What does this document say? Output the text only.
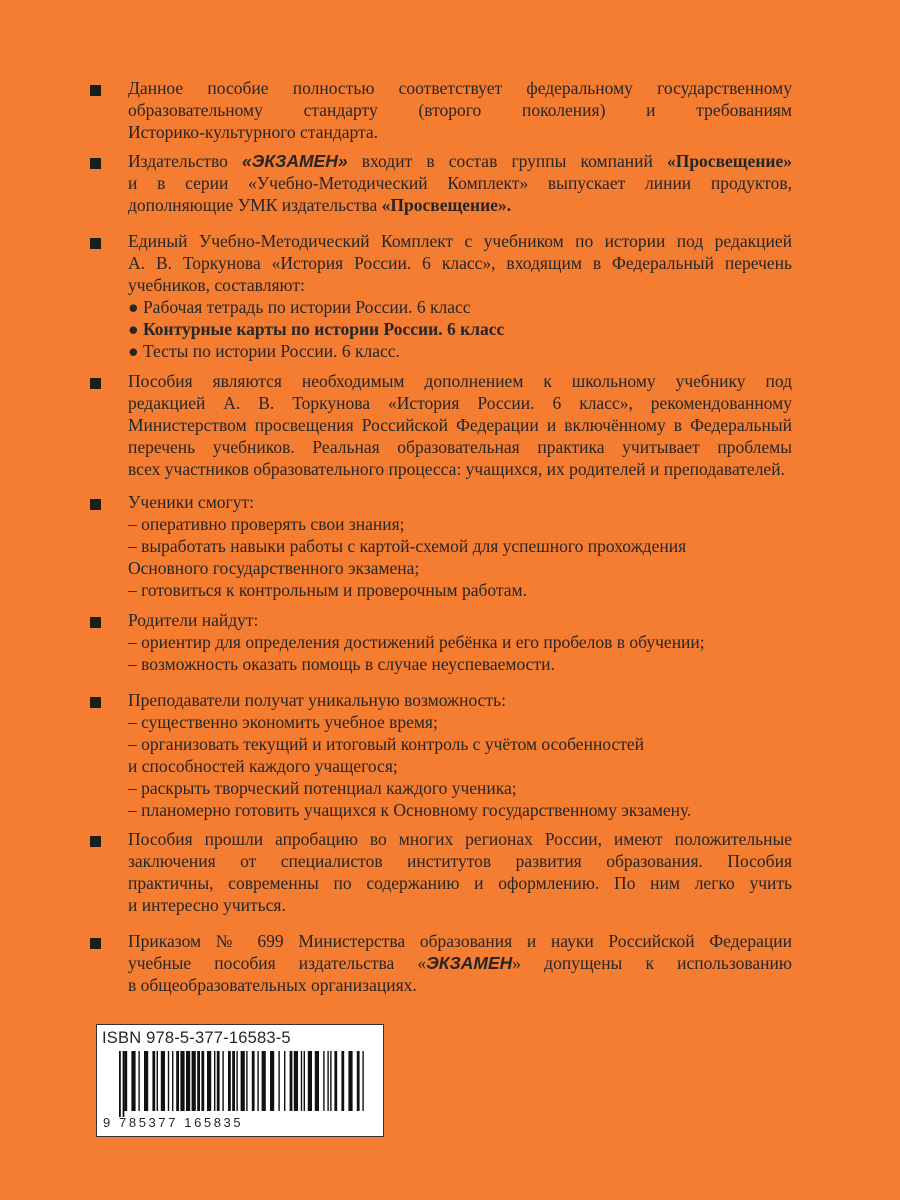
Данное пособие полностью соответствует федеральному государственному
образовательному стандарту (второго поколения) и требованиям
Историко-культурного стандарта.
Издательство «ЭКЗАМЕН» входит в состав группы компаний «Просвещение»
и в серии «Учебно-Методический Комплект» выпускает линии продуктов,
дополняющие УМК издательства «Просвещение».
Единый Учебно-Методический Комплект с учебником по истории под редакцией
А. В. Торкунова «История России. 6 класс», входящим в Федеральный перечень
учебников, составляют:
● Рабочая тетрадь по истории России. 6 класс
● Контурные карты по истории России. 6 класс
● Тесты по истории России. 6 класс.
Пособия являются необходимым дополнением к школьному учебнику под
редакцией А. В. Торкунова «История России. 6 класс», рекомендованному
Министерством просвещения Российской Федерации и включённому в Федеральный
перечень учебников. Реальная образовательная практика учитывает проблемы
всех участников образовательного процесса: учащихся, их родителей и преподавателей.
Ученики смогут:
– оперативно проверять свои знания;
– выработать навыки работы с картой-схемой для успешного прохождения
Основного государственного экзамена;
– готовиться к контрольным и проверочным работам.
Родители найдут:
– ориентир для определения достижений ребёнка и его пробелов в обучении;
– возможность оказать помощь в случае неуспеваемости.
Преподаватели получат уникальную возможность:
– существенно экономить учебное время;
– организовать текущий и итоговый контроль с учётом особенностей
и способностей каждого учащегося;
– раскрыть творческий потенциал каждого ученика;
– планомерно готовить учащихся к Основному государственному экзамену.
Пособия прошли апробацию во многих регионах России, имеют положительные
заключения от специалистов институтов развития образования. Пособия
практичны, современны по содержанию и оформлению. По ним легко учить
и интересно учиться.
Приказом № 699 Министерства образования и науки Российской Федерации
учебные пособия издательства «ЭКЗАМЕН» допущены к использованию
в общеобразовательных организациях.
ISBN 978-5-377-16583-5
9 785377 165835
